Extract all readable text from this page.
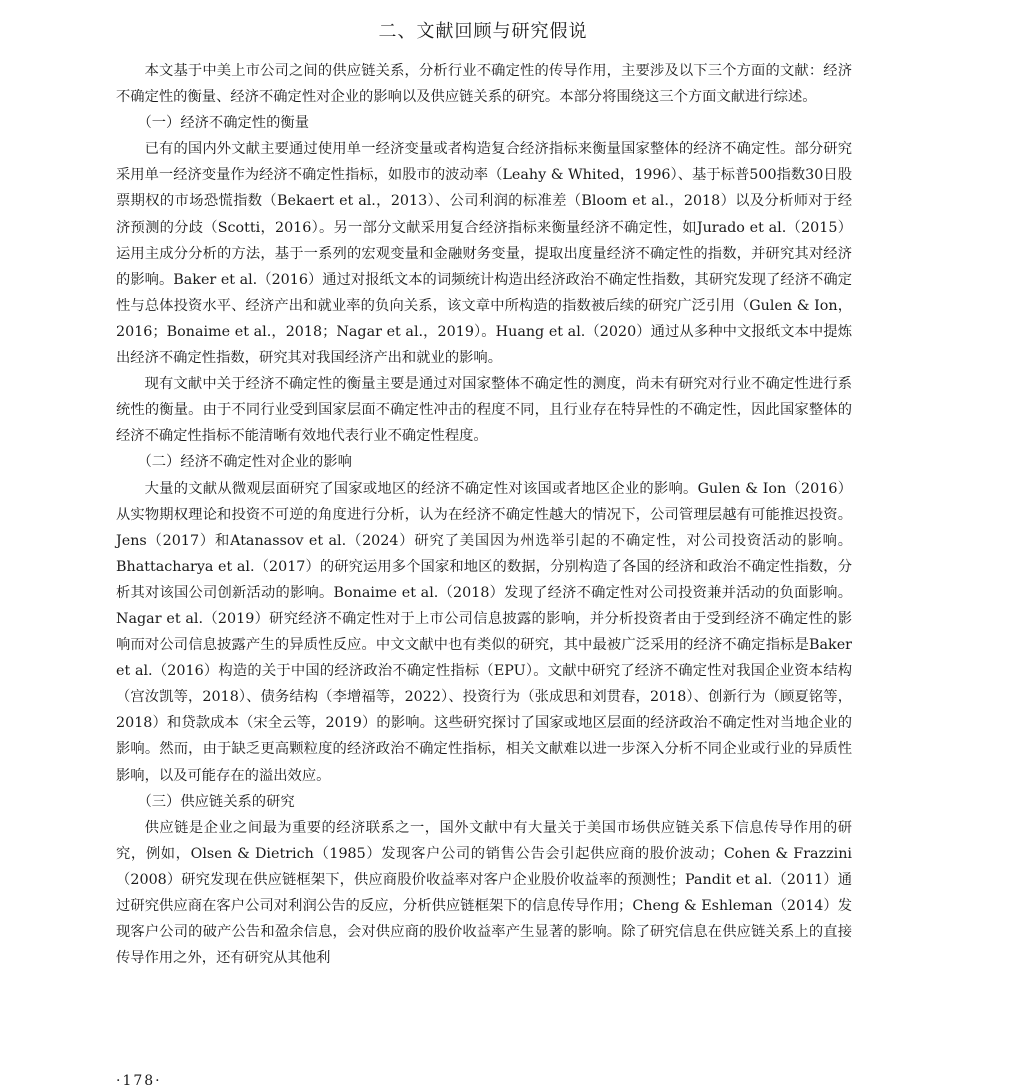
二、文献回顾与研究假说

本文基于中美上市公司之间的供应链关系，分析行业不确定性的传导作用，主要涉及以下三个方面的文献：经济不确定性的衡量、经济不确定性对企业的影响以及供应链关系的研究。本部分将围绕这三个方面文献进行综述。

（一）经济不确定性的衡量

已有的国内外文献主要通过使用单一经济变量或者构造复合经济指标来衡量国家整体的经济不确定性。部分研究采用单一经济变量作为经济不确定性指标，如股市的波动率（Leahy & Whited，1996）、基于标普500指数30日股票期权的市场恐慌指数（Bekaert et al.，2013）、公司利润的标准差（Bloom et al.，2018）以及分析师对于经济预测的分歧（Scotti，2016）。另一部分文献采用复合经济指标来衡量经济不确定性，如Jurado et al.（2015）运用主成分分析的方法，基于一系列的宏观变量和金融财务变量，提取出度量经济不确定性的指数，并研究其对经济的影响。Baker et al.（2016）通过对报纸文本的词频统计构造出经济政治不确定性指数，其研究发现了经济不确定性与总体投资水平、经济产出和就业率的负向关系，该文章中所构造的指数被后续的研究广泛引用（Gulen & Ion，2016；Bonaime et al.，2018；Nagar et al.，2019）。Huang et al.（2020）通过从多种中文报纸文本中提炼出经济不确定性指数，研究其对我国经济产出和就业的影响。

现有文献中关于经济不确定性的衡量主要是通过对国家整体不确定性的测度，尚未有研究对行业不确定性进行系统性的衡量。由于不同行业受到国家层面不确定性冲击的程度不同，且行业存在特异性的不确定性，因此国家整体的经济不确定性指标不能清晰有效地代表行业不确定性程度。

（二）经济不确定性对企业的影响

大量的文献从微观层面研究了国家或地区的经济不确定性对该国或者地区企业的影响。Gulen & Ion（2016）从实物期权理论和投资不可逆的角度进行分析，认为在经济不确定性越大的情况下，公司管理层越有可能推迟投资。Jens（2017）和Atanassov et al.（2024）研究了美国因为州选举引起的不确定性，对公司投资活动的影响。Bhattacharya et al.（2017）的研究运用多个国家和地区的数据，分别构造了各国的经济和政治不确定性指数，分析其对该国公司创新活动的影响。Bonaime et al.（2018）发现了经济不确定性对公司投资兼并活动的负面影响。Nagar et al.（2019）研究经济不确定性对于上市公司信息披露的影响，并分析投资者由于受到经济不确定性的影响而对公司信息披露产生的异质性反应。中文文献中也有类似的研究，其中最被广泛采用的经济不确定指标是Baker et al.（2016）构造的关于中国的经济政治不确定性指标（EPU）。文献中研究了经济不确定性对我国企业资本结构（宫汝凯等，2018）、债务结构（李增福等，2022）、投资行为（张成思和刘贯春，2018）、创新行为（顾夏铭等，2018）和贷款成本（宋全云等，2019）的影响。这些研究探讨了国家或地区层面的经济政治不确定性对当地企业的影响。然而，由于缺乏更高颗粒度的经济政治不确定性指标，相关文献难以进一步深入分析不同企业或行业的异质性影响，以及可能存在的溢出效应。

（三）供应链关系的研究

供应链是企业之间最为重要的经济联系之一，国外文献中有大量关于美国市场供应链关系下信息传导作用的研究，例如，Olsen & Dietrich（1985）发现客户公司的销售公告会引起供应商的股价波动；Cohen & Frazzini（2008）研究发现在供应链框架下，供应商股价收益率对客户企业股价收益率的预测性；Pandit et al.（2011）通过研究供应商在客户公司对利润公告的反应，分析供应链框架下的信息传导作用；Cheng & Eshleman（2014）发现客户公司的破产公告和盈余信息，会对供应商的股价收益率产生显著的影响。除了研究信息在供应链关系上的直接传导作用之外，还有研究从其他利

·178·
